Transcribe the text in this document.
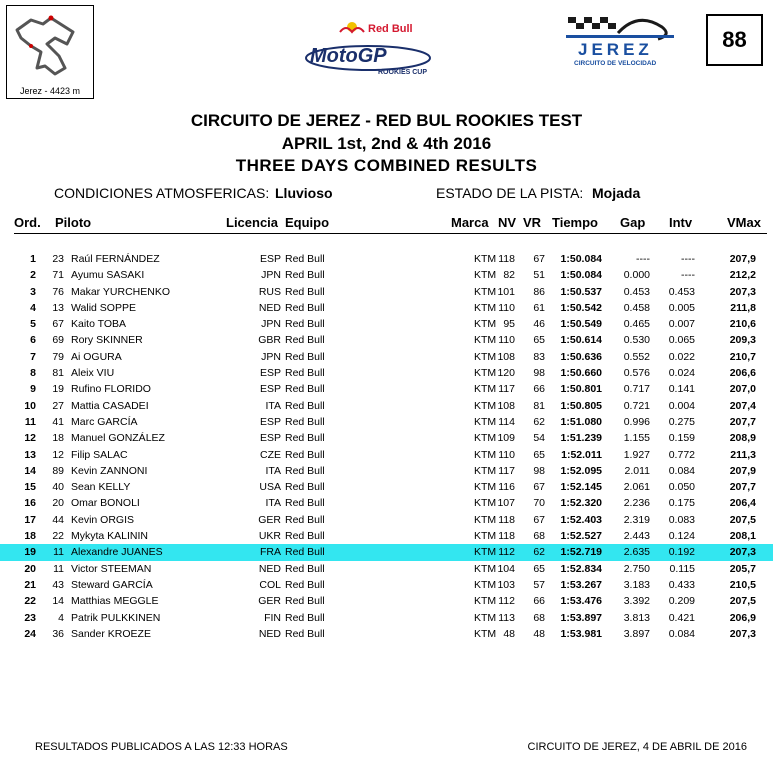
Jerez - 4423 m
Red Bull
MotoGP
ROOKIES CUP
JEREZ
CIRCUITO DE VELOCIDAD
88
CIRCUITO DE JEREZ - RED BUL ROOKIES TEST
APRIL 1st, 2nd & 4th 2016
THREE DAYS COMBINED RESULTS
CONDICIONES ATMOSFERICAS: Lluvioso	ESTADO DE LA PISTA: Mojada
Ord. Piloto	Licencia Equipo	Marca NV VR Tiempo Gap Intv	VMax
1 23 Raúl FERNÁNDEZ	ESP Red Bull	KTM 118 67 1:50.084	----	----	207,9
2 71 Ayumu SASAKI	JPN Red Bull	KTM 82 51 1:50.084 0.000	----	212,2
3 76 Makar YURCHENKO	RUS Red Bull	KTM 101 86 1:50.537 0.453 0.453	207,3
4 13 Walid SOPPE	NED Red Bull	KTM 110 61 1:50.542 0.458 0.005	211,8
5 67 Kaito TOBA	JPN Red Bull	KTM 95 46 1:50.549 0.465 0.007	210,6
6 69 Rory SKINNER	GBR Red Bull	KTM 110 65 1:50.614 0.530 0.065	209,3
7 79 Ai OGURA	JPN Red Bull	KTM 108 83 1:50.636 0.552 0.022	210,7
8 81 Aleix VIU	ESP Red Bull	KTM 120 98 1:50.660 0.576 0.024	206,6
9 19 Rufino FLORIDO	ESP Red Bull	KTM 117 66 1:50.801 0.717 0.141	207,0
10 27 Mattia CASADEI	ITA Red Bull	KTM 108 81 1:50.805 0.721 0.004	207,4
11 41 Marc GARCÍA	ESP Red Bull	KTM 114 62 1:51.080 0.996 0.275	207,7
12 18 Manuel GONZÁLEZ	ESP Red Bull	KTM 109 54 1:51.239 1.155 0.159	208,9
13 12 Filip SALAC	CZE Red Bull	KTM 110 65 1:52.011 1.927 0.772	211,3
14 89 Kevin ZANNONI	ITA Red Bull	KTM 117 98 1:52.095 2.011 0.084	207,9
15 40 Sean KELLY	USA Red Bull	KTM 116 67 1:52.145 2.061 0.050	207,7
16 20 Omar BONOLI	ITA Red Bull	KTM 107 70 1:52.320 2.236 0.175	206,4
17 44 Kevin ORGIS	GER Red Bull	KTM 118 67 1:52.403 2.319 0.083	207,5
18 22 Mykyta KALININ	UKR Red Bull	KTM 118 68 1:52.527 2.443 0.124	208,1
19 11 Alexandre JUANES	FRA Red Bull	KTM 112 62 1:52.719 2.635 0.192	207,3
20 11 Victor STEEMAN	NED Red Bull	KTM 104 65 1:52.834 2.750 0.115	205,7
21 43 Steward GARCÍA	COL Red Bull	KTM 103 57 1:53.267 3.183 0.433	210,5
22 14 Matthias MEGGLE	GER Red Bull	KTM 112 66 1:53.476 3.392 0.209	207,5
23 4 Patrik PULKKINEN	FIN Red Bull	KTM 113 68 1:53.897 3.813 0.421	206,9
24 36 Sander KROEZE	NED Red Bull	KTM 48 48 1:53.981 3.897 0.084	207,3
RESULTADOS PUBLICADOS A LAS 12:33 HORAS	CIRCUITO DE JEREZ, 4 DE ABRIL DE 2016
